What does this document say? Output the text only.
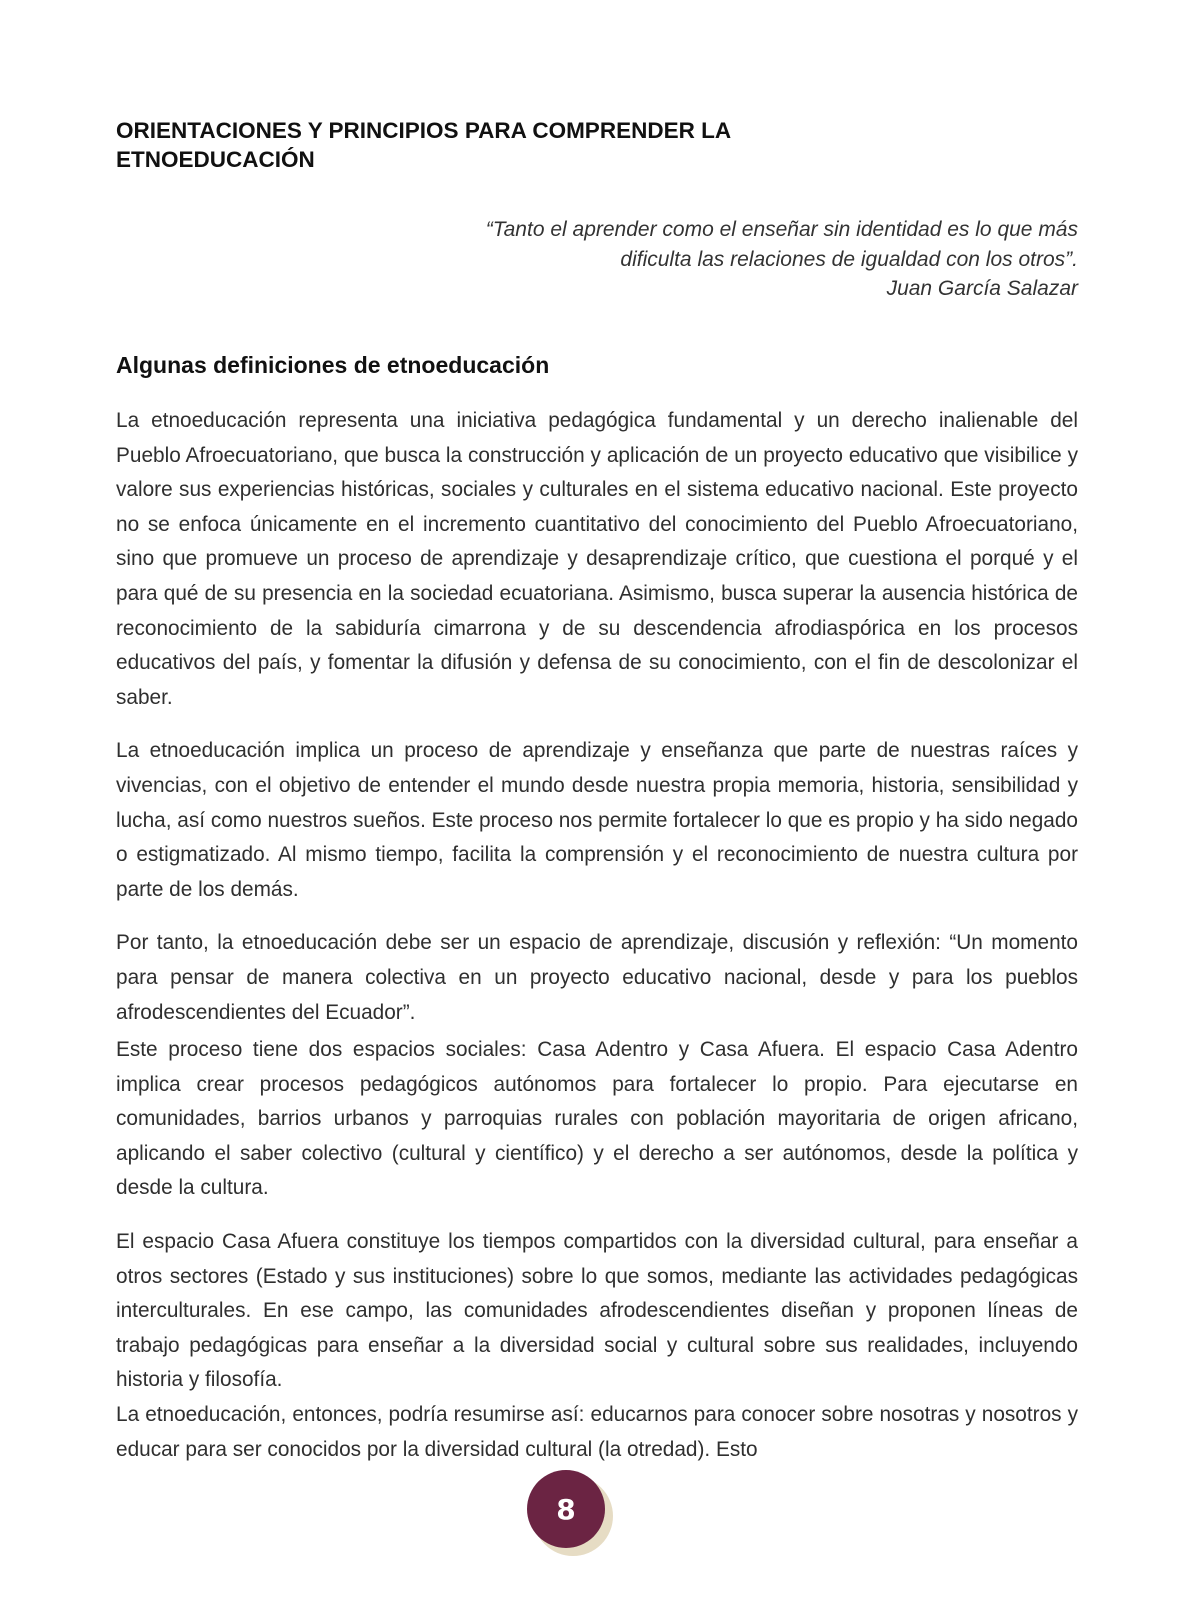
ORIENTACIONES Y PRINCIPIOS PARA COMPRENDER LA ETNOEDUCACIÓN

“Tanto el aprender como el enseñar sin identidad es lo que más

dificulta las relaciones de igualdad con los otros”.

Juan García Salazar

Algunas definiciones de etnoeducación

La etnoeducación representa una iniciativa pedagógica fundamental y un derecho inalienable del Pueblo Afroecuatoriano, que busca la construcción y aplicación de un proyecto educativo que visibilice y valore sus experiencias históricas, sociales y culturales en el sistema educativo nacional. Este proyecto no se enfoca únicamente en el incremento cuantitativo del conocimiento del Pueblo Afroecuatoriano, sino que promueve un proceso de aprendizaje y desaprendizaje crítico, que cuestiona el porqué y el para qué de su presencia en la sociedad ecuatoriana. Asimismo, busca superar la ausencia histórica de reconocimiento de la sabiduría cimarrona y de su descendencia afrodiaspórica en los procesos educativos del país, y fomentar la difusión y defensa de su conocimiento, con el fin de descolonizar el saber.

La etnoeducación implica un proceso de aprendizaje y enseñanza que parte de nuestras raíces y vivencias, con el objetivo de entender el mundo desde nuestra propia memoria, historia, sensibilidad y lucha, así como nuestros sueños. Este proceso nos permite fortalecer lo que es propio y ha sido negado o estigmatizado. Al mismo tiempo, facilita la comprensión y el reconocimiento de nuestra cultura por parte de los demás.

Por tanto, la etnoeducación debe ser un espacio de aprendizaje, discusión y reflexión: “Un momento para pensar de manera colectiva en un proyecto educativo nacional, desde y para los pueblos afrodescendientes del Ecuador”.

Este proceso tiene dos espacios sociales: Casa Adentro y Casa Afuera. El espacio Casa Adentro implica crear procesos pedagógicos autónomos para fortalecer lo propio. Para ejecutarse en comunidades, barrios urbanos y parroquias rurales con población mayoritaria de origen africano, aplicando el saber colectivo (cultural y científico) y el derecho a ser autónomos, desde la política y desde la cultura.

El espacio Casa Afuera constituye los tiempos compartidos con la diversidad cultural, para enseñar a otros sectores (Estado y sus instituciones) sobre lo que somos, mediante las actividades pedagógicas interculturales. En ese campo, las comunidades afrodescendientes diseñan y proponen líneas de trabajo pedagógicas para enseñar a la diversidad social y cultural sobre sus realidades, incluyendo historia y filosofía.

La etnoeducación, entonces, podría resumirse así: educarnos para conocer sobre nosotras y nosotros y educar para ser conocidos por la diversidad cultural (la otredad). Esto

8
